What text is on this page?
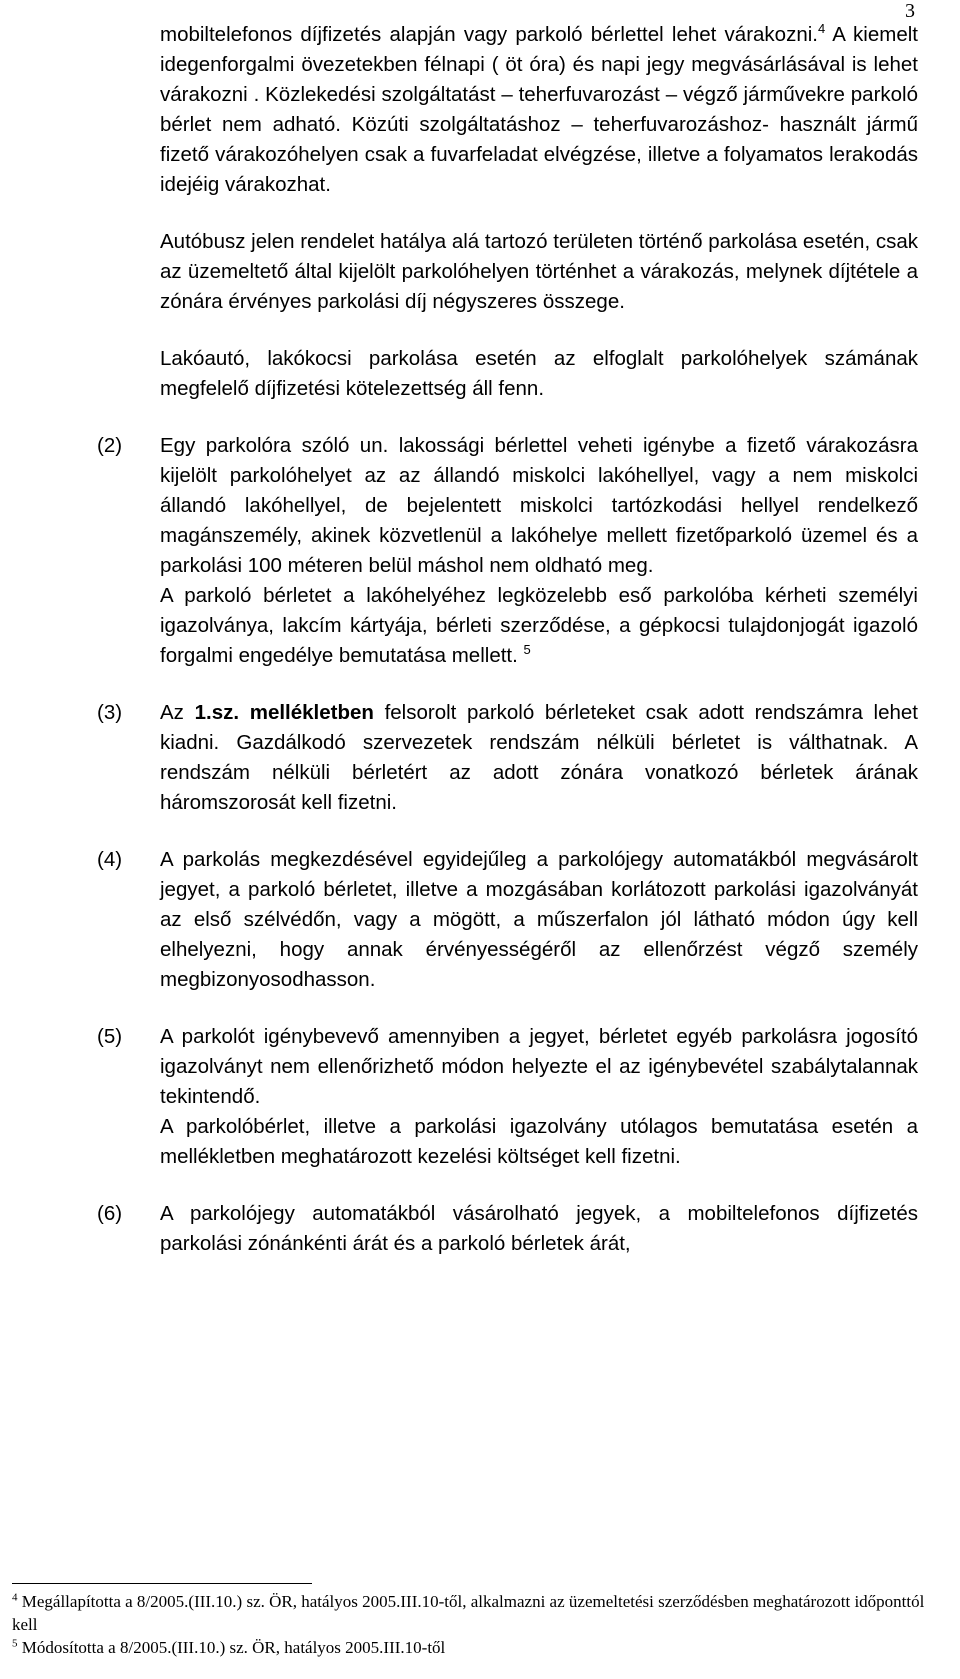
3
mobiltelefonos díjfizetés alapján vagy parkoló bérlettel lehet várakozni.$^4$ A kiemelt idegenforgalmi övezetekben félnapi ( öt óra) és napi jegy megvásárlásával is lehet várakozni . Közlekedési szolgáltatást – teherfuvarozást – végző járművekre parkoló bérlet nem adható. Közúti szolgáltatáshoz – teherfuvarozáshoz- használt jármű fizető várakozóhelyen csak a fuvarfeladat elvégzése, illetve a folyamatos lerakodás idejéig várakozhat.
Autóbusz jelen rendelet hatálya alá tartozó területen történő parkolása esetén, csak az üzemeltető által kijelölt parkolóhelyen történhet a várakozás, melynek díjtétele a zónára érvényes parkolási díj négyszeres összege.
Lakóautó, lakókocsi parkolása esetén az elfoglalt parkolóhelyek számának megfelelő díjfizetési kötelezettség áll fenn.
(2) Egy parkolóra szóló un. lakossági bérlettel veheti igénybe a fizető várakozásra kijelölt parkolóhelyet az az állandó miskolci lakóhellyel, vagy a nem miskolci állandó lakóhellyel, de bejelentett miskolci tartózkodási hellyel rendelkező magánszemély, akinek közvetlenül a lakóhelye mellett fizetőparkoló üzemel és a parkolási 100 méteren belül máshol nem oldható meg.
A parkoló bérletet a lakóhelyéhez legközelebb eső parkolóba kérheti személyi igazolványa, lakcím kártyája, bérleti szerződése, a gépkocsi tulajdonjogát igazoló forgalmi engedélye bemutatása mellett. $^5$
(3) Az 1.sz. mellékletben felsorolt parkoló bérleteket csak adott rendszámra lehet kiadni. Gazdálkodó szervezetek rendszám nélküli bérletet is válthatnak. A rendszám nélküli bérletért az adott zónára vonatkozó bérletek árának háromszorosát kell fizetni.
(4) A parkolás megkezdésével egyidejűleg a parkolójegy automatákból megvásárolt jegyet, a parkoló bérletet, illetve a mozgásában korlátozott parkolási igazolványát az első szélvédőn, vagy a mögött, a műszerfalon jól látható módon úgy kell elhelyezni, hogy annak érvényességéről az ellenőrzést végző személy megbizonyosodhasson.
(5) A parkolót igénybevevő amennyiben a jegyet, bérletet egyéb parkolásra jogosító igazolványt nem ellenőrizhető módon helyezte el az igénybevétel szabálytalannak tekintendő.
A parkolóbérlet, illetve a parkolási igazolvány utólagos bemutatása esetén a mellékletben meghatározott kezelési költséget kell fizetni.
(6) A parkolójegy automatákból vásárolható jegyek, a mobiltelefonos díjfizetés parkolási zónánkénti árát és a parkoló bérletek árát,
$^4$ Megállapította a 8/2005.(III.10.) sz. ÖR, hatályos 2005.III.10-től, alkalmazni az üzemeltetési szerződésben meghatározott időponttól kell
$^5$ Módosította a 8/2005.(III.10.) sz. ÖR, hatályos 2005.III.10-től
